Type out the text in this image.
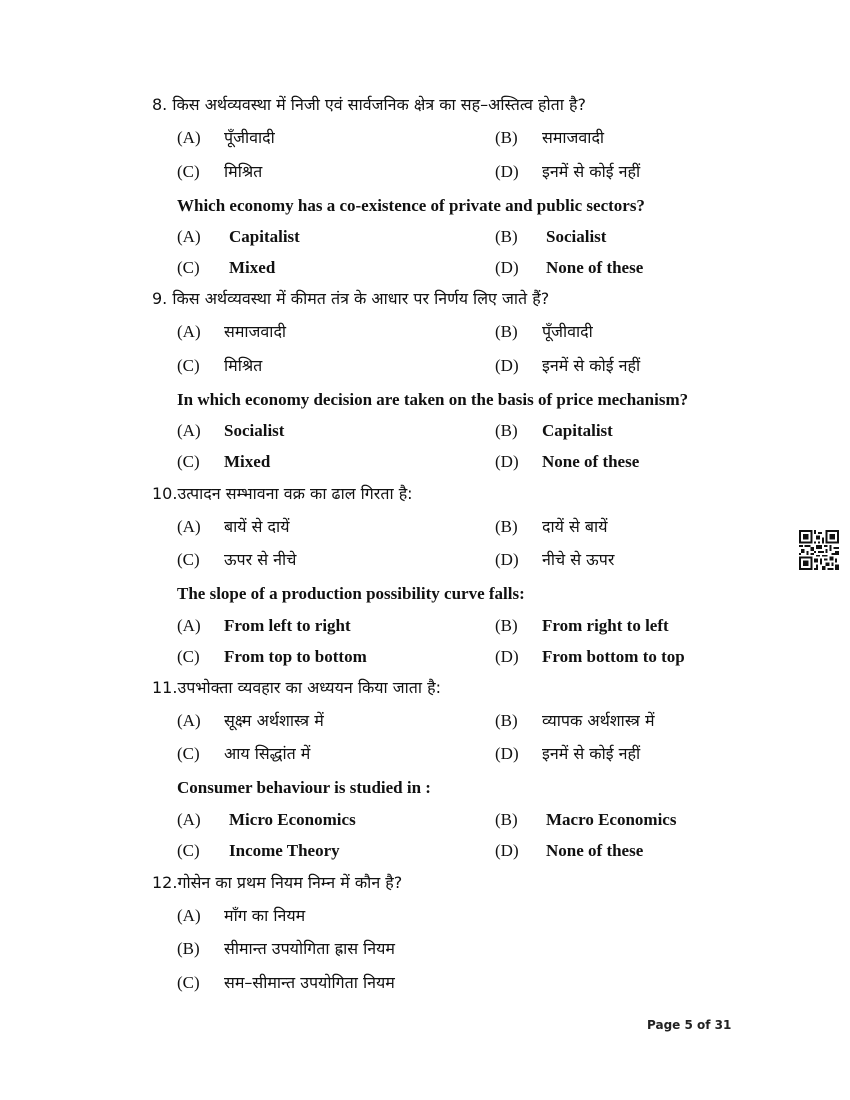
8. किस अर्थव्यवस्था में निजी एवं सार्वजनिक क्षेत्र का सह–अस्तित्व होता है?
(A) पूँजीवादी	(B) समाजवादी
(C) मिश्रित	(D) इनमें से कोई नहीं
Which economy has a co-existence of private and public sectors?
(A) Capitalist	(B) Socialist
(C) Mixed	(D) None of these
9. किस अर्थव्यवस्था में कीमत तंत्र के आधार पर निर्णय लिए जाते हैं?
(A) समाजवादी	(B) पूँजीवादी
(C) मिश्रित	(D) इनमें से कोई नहीं
In which economy decision are taken on the basis of price mechanism?
(A) Socialist	(B) Capitalist
(C) Mixed	(D) None of these
10.उत्पादन सम्भावना वक्र का ढाल गिरता है:
(A) बायें से दायें	(B) दायें से बायें
(C) ऊपर से नीचे	(D) नीचे से ऊपर
The slope of a production possibility curve falls:
(A) From left to right	(B) From right to left
(C) From top to bottom	(D) From bottom to top
11.उपभोक्ता व्यवहार का अध्ययन किया जाता है:
(A) सूक्ष्म अर्थशास्त्र में	(B) व्यापक अर्थशास्त्र में
(C) आय सिद्धांत में	(D) इनमें से कोई नहीं
Consumer behaviour is studied in :
(A) Micro Economics	(B) Macro Economics
(C) Income Theory	(D) None of these
12.गोसेन का प्रथम नियम निम्न में कौन है?
(A) माँग का नियम
(B) सीमान्त उपयोगिता ह्रास नियम
(C) सम–सीमान्त उपयोगिता नियम
Page 5 of 31
